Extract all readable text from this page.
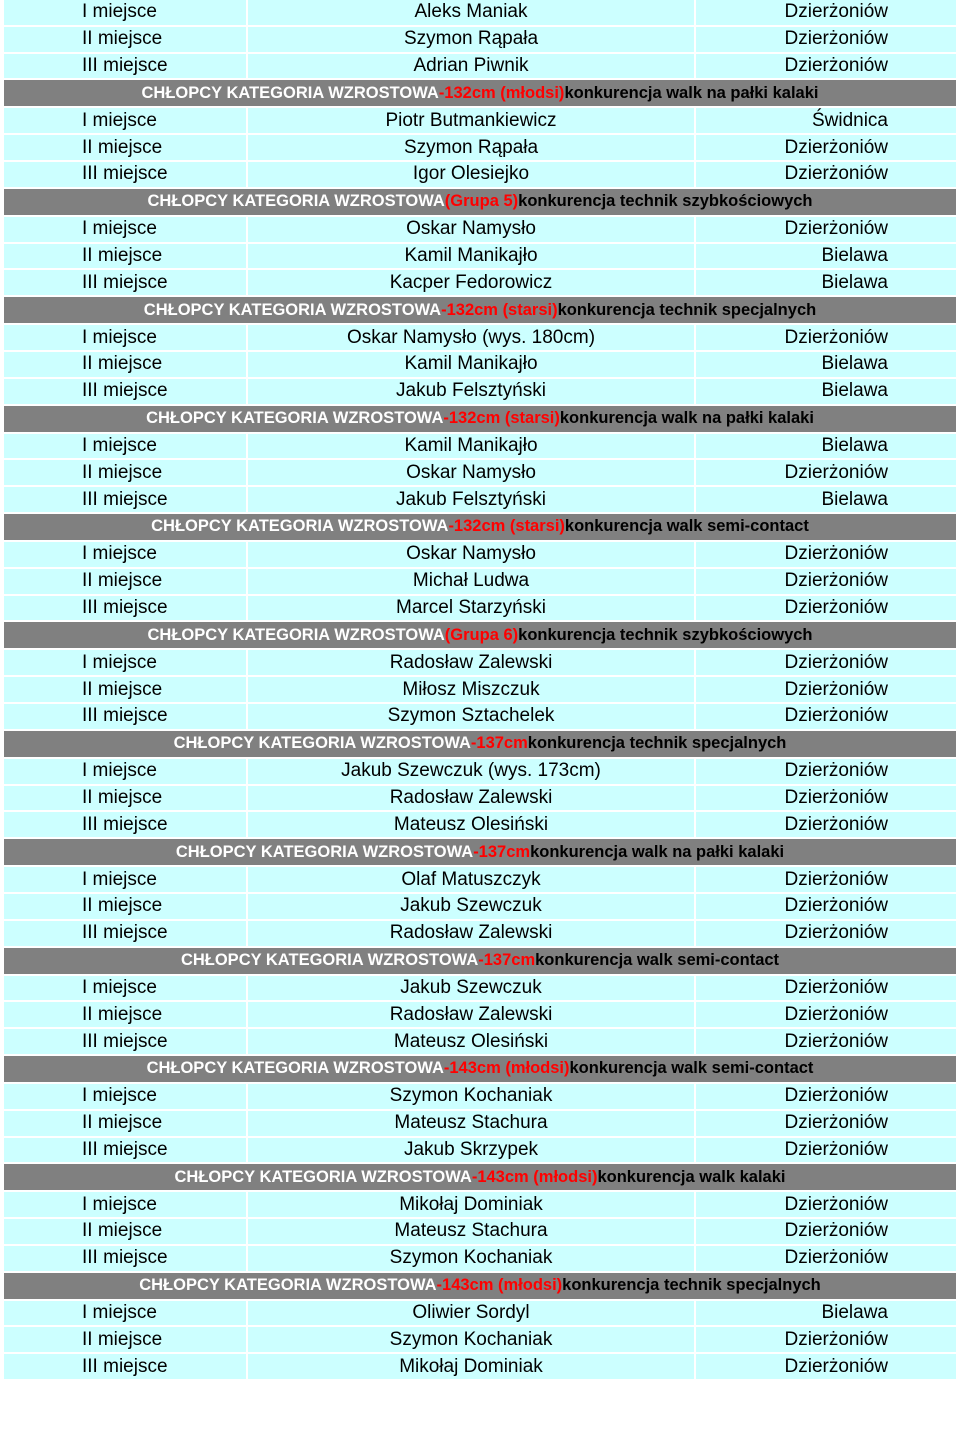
I miejsce	Aleks Maniak	Dzierżoniów
II miejsce	Szymon Rąpała	Dzierżoniów
III miejsce	Adrian Piwnik	Dzierżoniów
CHŁOPCY KATEGORIA WZROSTOWA -132cm (młodsi) konkurencja walk na pałki kalaki
I miejsce	Piotr Butmankiewicz	Świdnica
II miejsce	Szymon Rąpała	Dzierżoniów
III miejsce	Igor Olesiejko	Dzierżoniów
CHŁOPCY KATEGORIA WZROSTOWA (Grupa 5) konkurencja technik szybkościowych
I miejsce	Oskar Namysło	Dzierżoniów
II miejsce	Kamil Manikajło	Bielawa
III miejsce	Kacper Fedorowicz	Bielawa
CHŁOPCY KATEGORIA WZROSTOWA -132cm (starsi) konkurencja technik specjalnych
I miejsce	Oskar Namysło (wys. 180cm)	Dzierżoniów
II miejsce	Kamil Manikajło	Bielawa
III miejsce	Jakub Felsztyński	Bielawa
CHŁOPCY KATEGORIA WZROSTOWA -132cm (starsi) konkurencja walk na pałki kalaki
I miejsce	Kamil Manikajło	Bielawa
II miejsce	Oskar Namysło	Dzierżoniów
III miejsce	Jakub Felsztyński	Bielawa
CHŁOPCY KATEGORIA WZROSTOWA -132cm (starsi) konkurencja walk semi-contact
I miejsce	Oskar Namysło	Dzierżoniów
II miejsce	Michał Ludwa	Dzierżoniów
III miejsce	Marcel Starzyński	Dzierżoniów
CHŁOPCY KATEGORIA WZROSTOWA (Grupa 6) konkurencja technik szybkościowych
I miejsce	Radosław Zalewski	Dzierżoniów
II miejsce	Miłosz Miszczuk	Dzierżoniów
III miejsce	Szymon Sztachelek	Dzierżoniów
CHŁOPCY KATEGORIA WZROSTOWA -137cm konkurencja technik specjalnych
I miejsce	Jakub Szewczuk (wys. 173cm)	Dzierżoniów
II miejsce	Radosław Zalewski	Dzierżoniów
III miejsce	Mateusz Olesiński	Dzierżoniów
CHŁOPCY KATEGORIA WZROSTOWA -137cm konkurencja walk na pałki kalaki
I miejsce	Olaf Matuszczyk	Dzierżoniów
II miejsce	Jakub Szewczuk	Dzierżoniów
III miejsce	Radosław Zalewski	Dzierżoniów
CHŁOPCY KATEGORIA WZROSTOWA -137cm konkurencja walk semi-contact
I miejsce	Jakub Szewczuk	Dzierżoniów
II miejsce	Radosław Zalewski	Dzierżoniów
III miejsce	Mateusz Olesiński	Dzierżoniów
CHŁOPCY KATEGORIA WZROSTOWA -143cm (młodsi) konkurencja walk semi-contact
I miejsce	Szymon Kochaniak	Dzierżoniów
II miejsce	Mateusz Stachura	Dzierżoniów
III miejsce	Jakub Skrzypek	Dzierżoniów
CHŁOPCY KATEGORIA WZROSTOWA -143cm (młodsi) konkurencja walk kalaki
I miejsce	Mikołaj Dominiak	Dzierżoniów
II miejsce	Mateusz Stachura	Dzierżoniów
III miejsce	Szymon Kochaniak	Dzierżoniów
CHŁOPCY KATEGORIA WZROSTOWA -143cm (młodsi) konkurencja technik specjalnych
I miejsce	Oliwier Sordyl	Bielawa
II miejsce	Szymon Kochaniak	Dzierżoniów
III miejsce	Mikołaj Dominiak	Dzierżoniów
